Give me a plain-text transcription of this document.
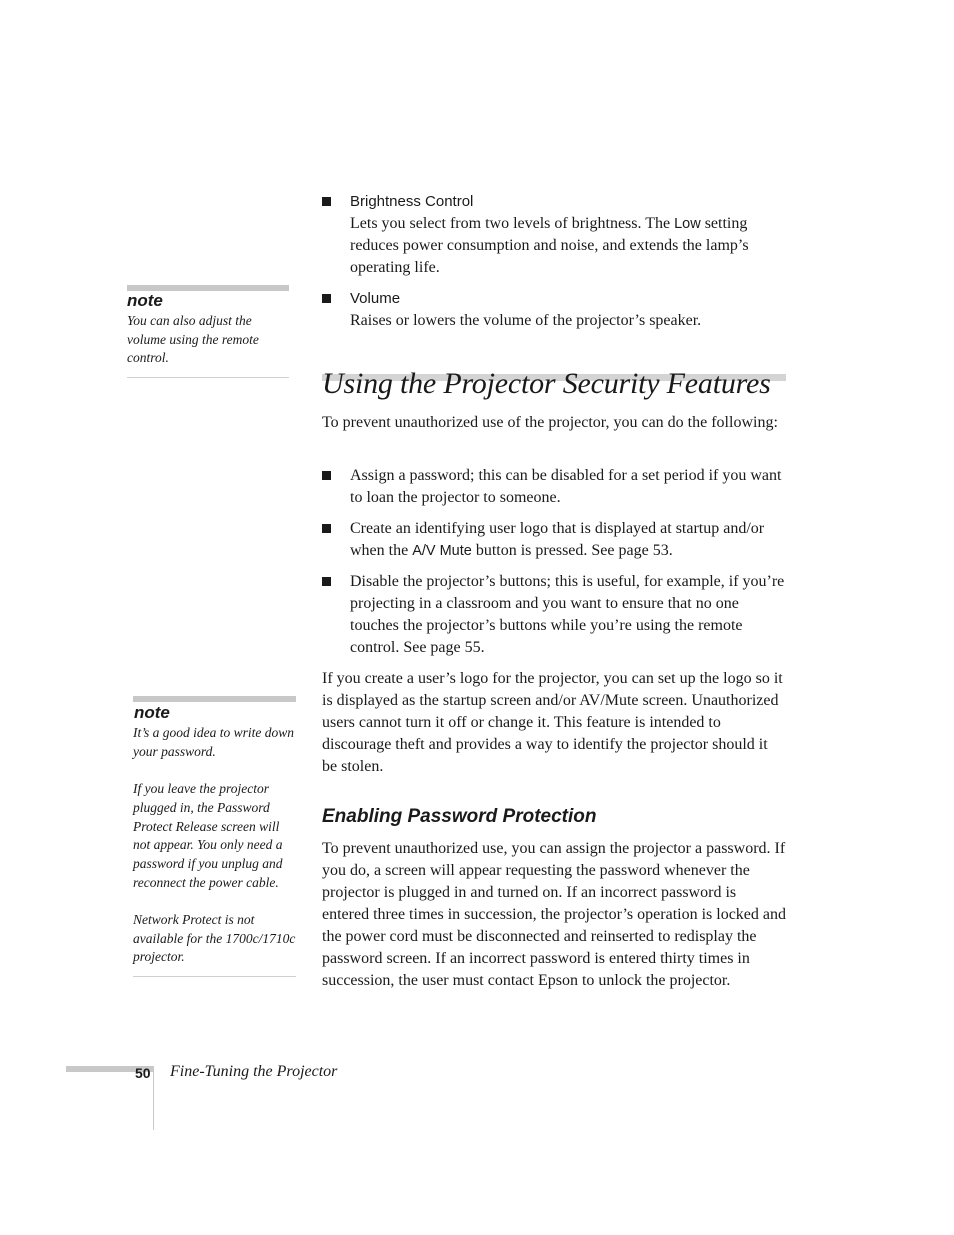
Brightness Control
Lets you select from two levels of brightness. The Low setting reduces power consumption and noise, and extends the lamp’s operating life.
Volume
Raises or lowers the volume of the projector’s speaker.
note

You can also adjust the volume using the remote control.

Using the Projector Security Features

To prevent unauthorized use of the projector, you can do the following:

Assign a password; this can be disabled for a set period if you want to loan the projector to someone.
Create an identifying user logo that is displayed at startup and/or when the A/V Mute button is pressed. See page 53.
Disable the projector’s buttons; this is useful, for example, if you’re projecting in a classroom and you want to ensure that no one touches the projector’s buttons while you’re using the remote control. See page 55.

If you create a user’s logo for the projector, you can set up the logo so it is displayed as the startup screen and/or AV/Mute screen. Unauthorized users cannot turn it off or change it. This feature is intended to discourage theft and provides a way to identify the projector should it be stolen.

Enabling Password Protection

To prevent unauthorized use, you can assign the projector a password. If you do, a screen will appear requesting the password whenever the projector is plugged in and turned on. If an incorrect password is entered three times in succession, the projector’s operation is locked and the power cord must be disconnected and reinserted to redisplay the password screen. If an incorrect password is entered thirty times in succession, the user must contact Epson to unlock the projector.

note

It’s a good idea to write down your password.

If you leave the projector plugged in, the Password Protect Release screen will not appear. You only need a password if you unplug and reconnect the power cable.

Network Protect is not available for the 1700c/1710c projector.

50 Fine-Tuning the Projector
